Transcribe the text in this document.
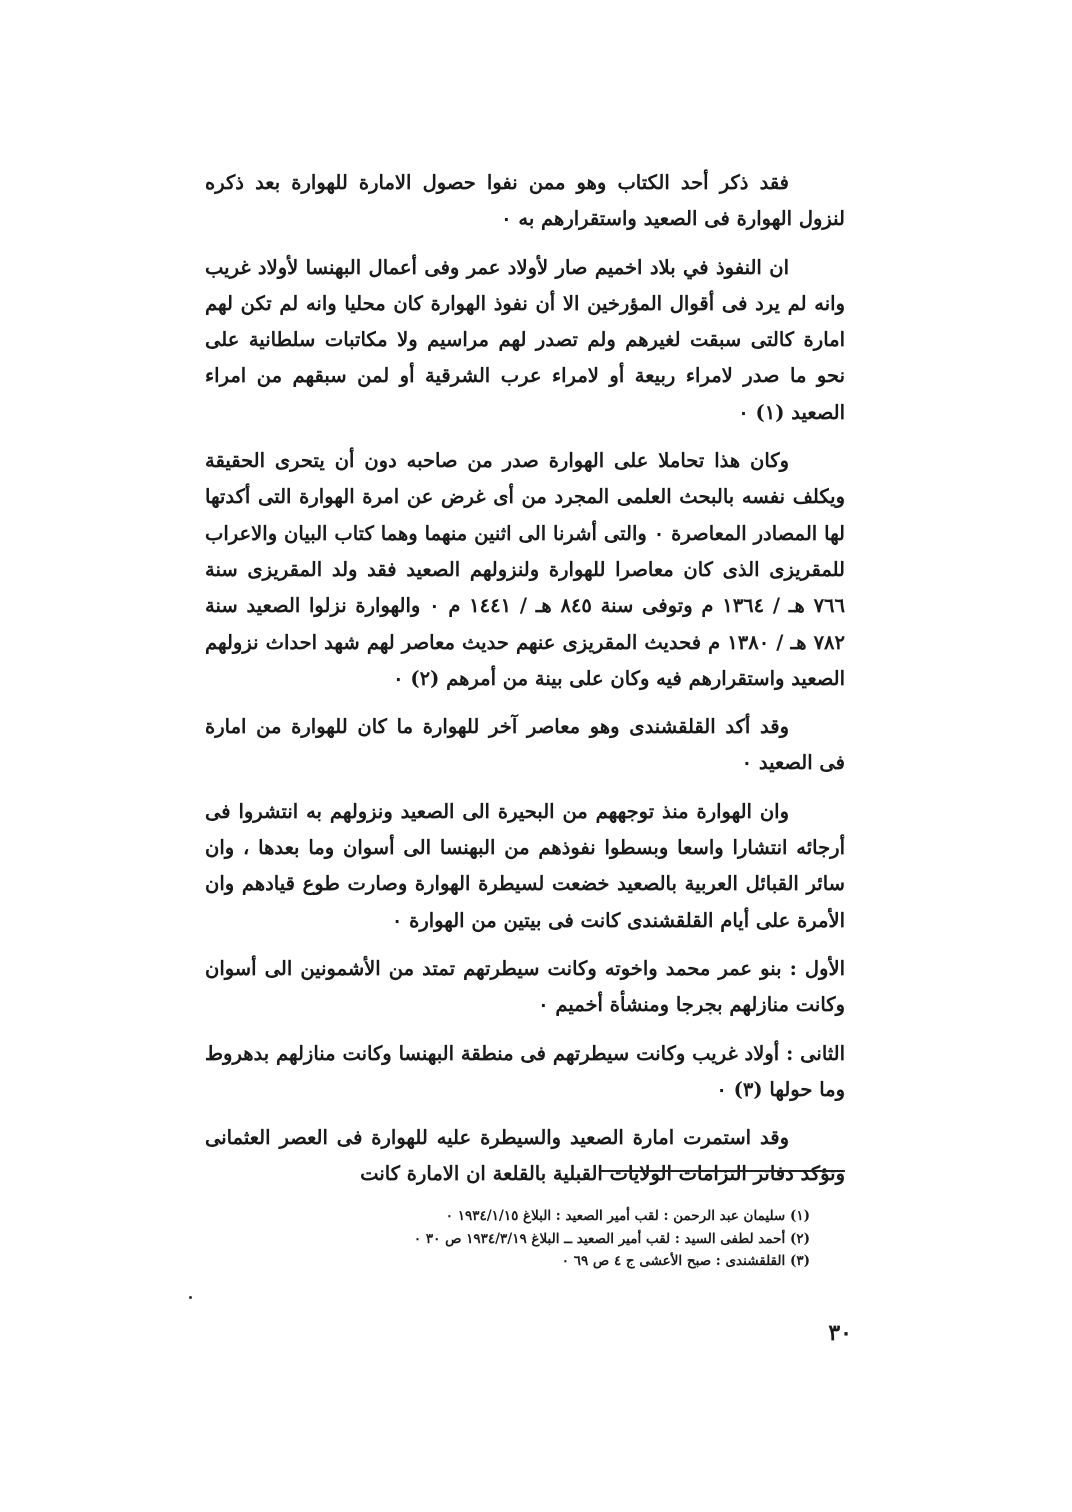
فقد ذكر أحد الكتاب وهو ممن نفوا حصول الامارة للهوارة بعد ذكره لنزول الهوارة فى الصعيد واستقرارهم به ٠

ان النفوذ في بلاد اخميم صار لأولاد عمر وفى أعمال البهنسا لأولاد غريب وانه لم يرد فى أقوال المؤرخين الا أن نفوذ الهوارة كان محليا وانه لم تكن لهم امارة كالتى سبقت لغيرهم ولم تصدر لهم مراسيم ولا مكاتبات سلطانية على نحو ما صدر لامراء ربيعة أو لامراء عرب الشرقية أو لمن سبقهم من امراء الصعيد (١) ٠

وكان هذا تحاملا على الهوارة صدر من صاحبه دون أن يتحرى الحقيقة ويكلف نفسه بالبحث العلمى المجرد من أى غرض عن امرة الهوارة التى أكدتها لها المصادر المعاصرة ٠ والتى أشرنا الى اثنين منهما وهما كتاب البيان والاعراب للمقريزى الذى كان معاصرا للهوارة ولنزولهم الصعيد فقد ولد المقريزى سنة ٧٦٦ هـ / ١٣٦٤ م وتوفى سنة ٨٤٥ هـ / ١٤٤١ م ٠ والهوارة نزلوا الصعيد سنة ٧٨٢ هـ / ١٣٨٠ م فحديث المقريزى عنهم حديث معاصر لهم شهد احداث نزولهم الصعيد واستقرارهم فيه وكان على بينة من أمرهم (٢) ٠

وقد أكد القلقشندى وهو معاصر آخر للهوارة ما كان للهوارة من امارة فى الصعيد ٠

وان الهوارة منذ توجههم من البحيرة الى الصعيد ونزولهم به انتشروا فى أرجائه انتشارا واسعا وبسطوا نفوذهم من البهنسا الى أسوان وما بعدها ، وان سائر القبائل العربية بالصعيد خضعت لسيطرة الهوارة وصارت طوع قيادهم وان الأمرة على أيام القلقشندى كانت فى بيتين من الهوارة ٠

الأول : بنو عمر محمد واخوته وكانت سيطرتهم تمتد من الأشمونين الى أسوان وكانت منازلهم بجرجا ومنشأة أخميم ٠

الثانى : أولاد غريب وكانت سيطرتهم فى منطقة البهنسا وكانت منازلهم بدهروط وما حولها (٣) ٠

وقد استمرت امارة الصعيد والسيطرة عليه للهوارة فى العصر العثمانى وتؤكد دفاتر التزامات الولايات القبلية بالقلعة ان الامارة كانت

(١) سليمان عبد الرحمن : لقب أمير الصعيد : البلاغ ١٩٣٤/١/١٥ ٠

(٢) أحمد لطفى السيد : لقب أمير الصعيد ــ البلاغ ١٩٣٤/٣/١٩ ص ٣٠ ٠

(٣) القلقشندى : صبح الأعشى ج ٤ ص ٦٩ ٠

٣٠
